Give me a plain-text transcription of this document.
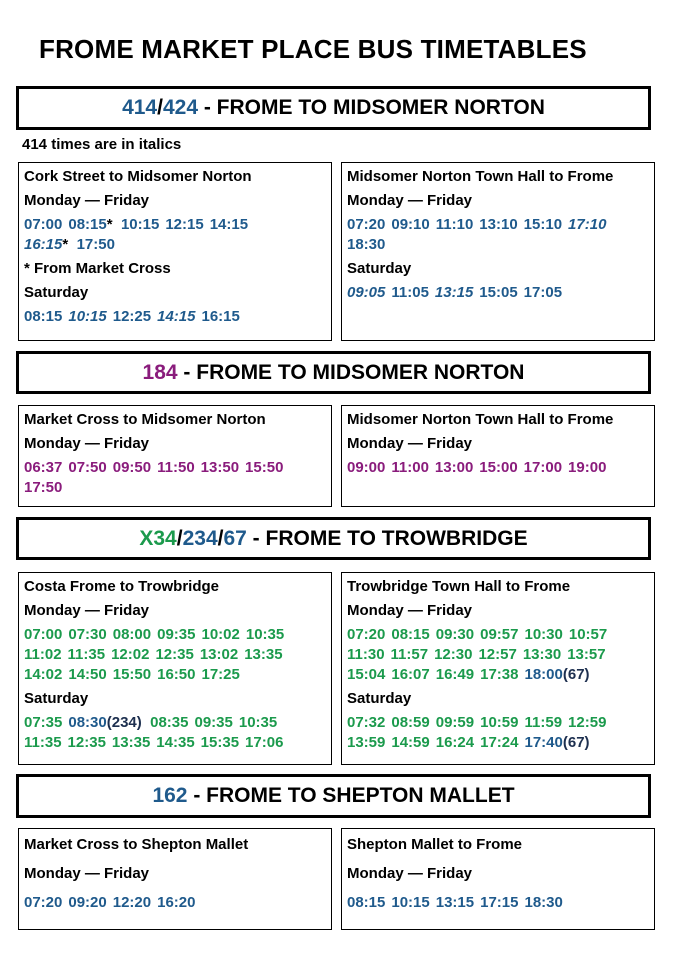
FROME MARKET PLACE BUS TIMETABLES
414/424 - FROME TO MIDSOMER NORTON
414 times are in italics
Cork Street to Midsomer Norton
Monday — Friday
07:00 08:15* 10:15 12:15 14:15
16:15* 17:50
* From Market Cross
Saturday
08:15 10:15 12:25 14:15 16:15
Midsomer Norton Town Hall to Frome
Monday — Friday
07:20 09:10 11:10 13:10 15:10 17:10
18:30
Saturday
09:05 11:05 13:15 15:05 17:05
184 - FROME TO MIDSOMER NORTON
Market Cross to Midsomer Norton
Monday — Friday
06:37 07:50 09:50 11:50 13:50 15:50
17:50
Midsomer Norton Town Hall to Frome
Monday — Friday
09:00 11:00 13:00 15:00 17:00 19:00
X34/234/67 - FROME TO TROWBRIDGE
Costa Frome to Trowbridge
Monday — Friday
07:00 07:30 08:00 09:35 10:02 10:35
11:02 11:35 12:02 12:35 13:02 13:35
14:02 14:50 15:50 16:50 17:25
Saturday
07:35 08:30(234) 08:35 09:35 10:35
11:35 12:35 13:35 14:35 15:35 17:06
Trowbridge Town Hall to Frome
Monday — Friday
07:20 08:15 09:30 09:57 10:30 10:57
11:30 11:57 12:30 12:57 13:30 13:57
15:04 16:07 16:49 17:38 18:00(67)
Saturday
07:32 08:59 09:59 10:59 11:59 12:59
13:59 14:59 16:24 17:24 17:40(67)
162 - FROME TO SHEPTON MALLET
Market Cross to Shepton Mallet
Monday — Friday
07:20 09:20 12:20 16:20
Shepton Mallet to Frome
Monday — Friday
08:15 10:15 13:15 17:15 18:30
